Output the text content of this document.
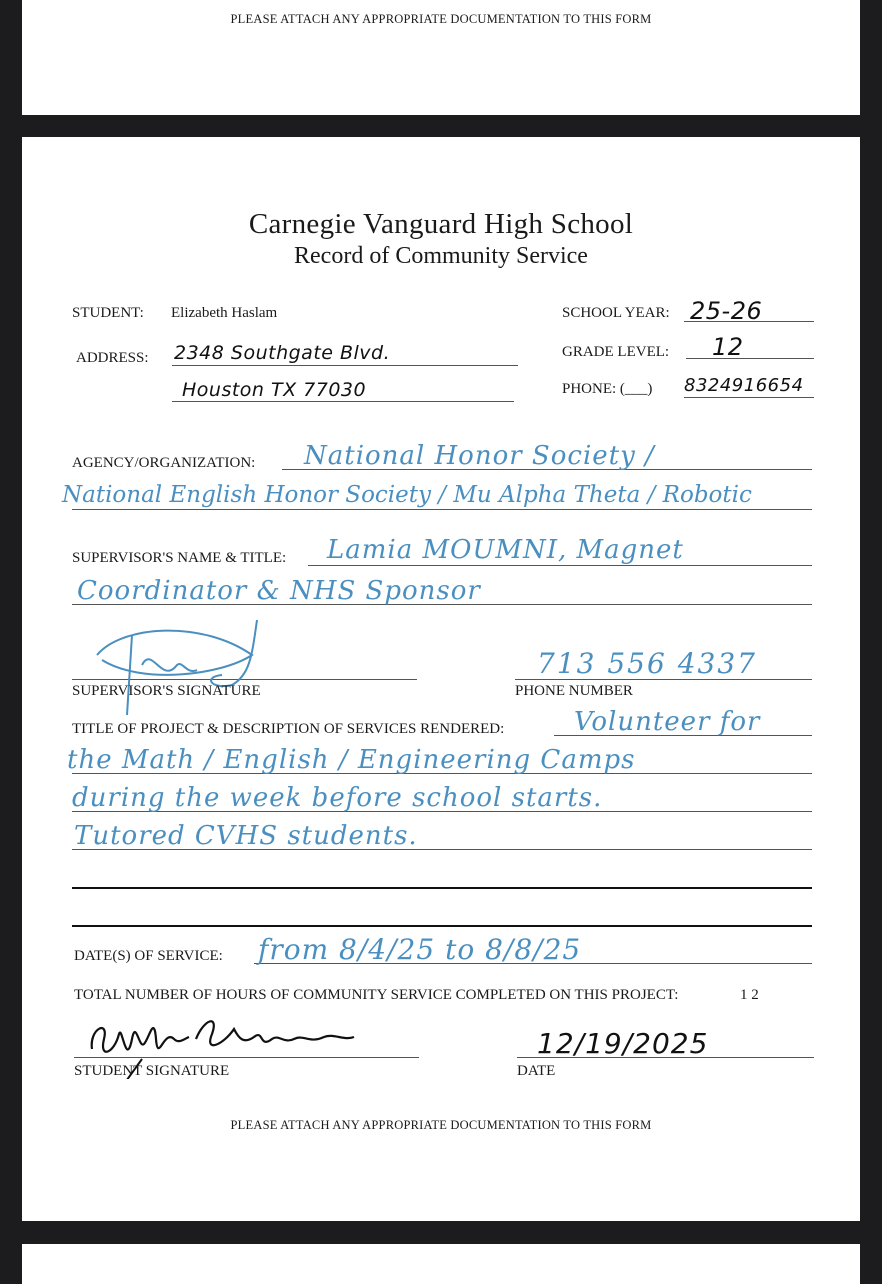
PLEASE ATTACH ANY APPROPRIATE DOCUMENTATION TO THIS FORM
Carnegie Vanguard High School
Record of Community Service
STUDENT: Elizabeth Haslam	SCHOOL YEAR: 25-26
ADDRESS: 2348 Southgate Blvd.
Houston TX 77030
GRADE LEVEL: 12
PHONE: (___) 8324916654
AGENCY/ORGANIZATION: National Honor Society /
National English Honor Society / Mu Alpha Theta / Robotic
SUPERVISOR'S NAME & TITLE: Lamia MOUMNI, Magnet
Coordinator & NHS Sponsor
SUPERVISOR'S SIGNATURE
713 556 4337
PHONE NUMBER
TITLE OF PROJECT & DESCRIPTION OF SERVICES RENDERED:	Volunteer for
the Math / English / Engineering Camps
during the week before school starts.
Tutored CVHS students.
DATE(S) OF SERVICE: from 8/4/25 to 8/8/25
TOTAL NUMBER OF HOURS OF COMMUNITY SERVICE COMPLETED ON THIS PROJECT:	1 2
STUDENT SIGNATURE
12/19/2025
DATE
PLEASE ATTACH ANY APPROPRIATE DOCUMENTATION TO THIS FORM
